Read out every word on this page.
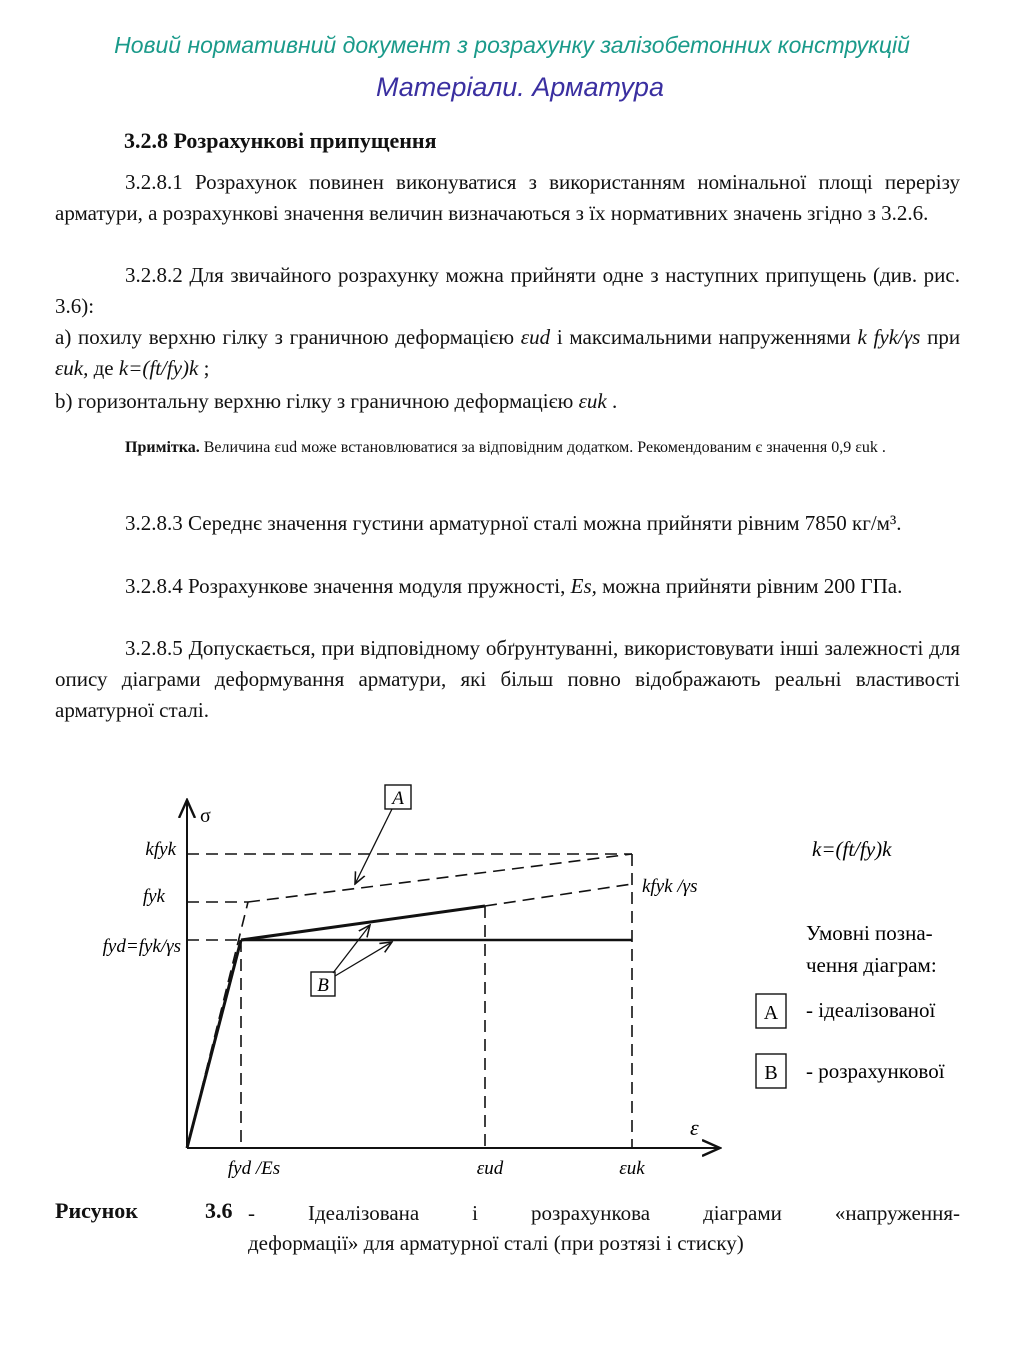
Новий нормативний документ з розрахунку залізобетонних конструкцій
Матеріали. Арматура
3.2.8 Розрахункові припущення

3.2.8.1 Розрахунок повинен виконуватися з використанням номінальної площі перерізу арматури, а розрахункові значення величин визначаються з їх нормативних значень згідно з 3.2.6.

3.2.8.2 Для звичайного розрахунку можна прийняти одне з наступних припущень (див. рис. 3.6):

а) похилу верхню гілку з граничною деформацією εud і максимальними напруженнями k fyk/γs при εuk, де k=(ft/fy)k ;

b) горизонтальну верхню гілку з граничною деформацією εuk .

Примітка. Величина εud може встановлюватися за відповідним додатком. Рекомендованим є значення 0,9 εuk .

3.2.8.3 Середнє значення густини арматурної сталі можна прийняти рівним 7850 кг/м³.

3.2.8.4 Розрахункове значення модуля пружності, Es, можна прийняти рівним 200 ГПа.

3.2.8.5 Допускається, при відповідному обґрунтуванні, використовувати інші залежності для опису діаграми деформування арматури, які більш повно відображають реальні властивості арматурної сталі.

A
B
σ
ε
kfyk
fyk
fyd=fyk/γs
fyd /Es	εud	εuk
kfyk /γs
k=(ft/fy)k
Умовні позна-
чення діаграм:
A - ідеалізованої
B - розрахункової
Рисунок	3.6 - Ідеалізована і розрахункова діаграми «напруження-
деформації» для арматурної сталі (при розтязі і стиску)
